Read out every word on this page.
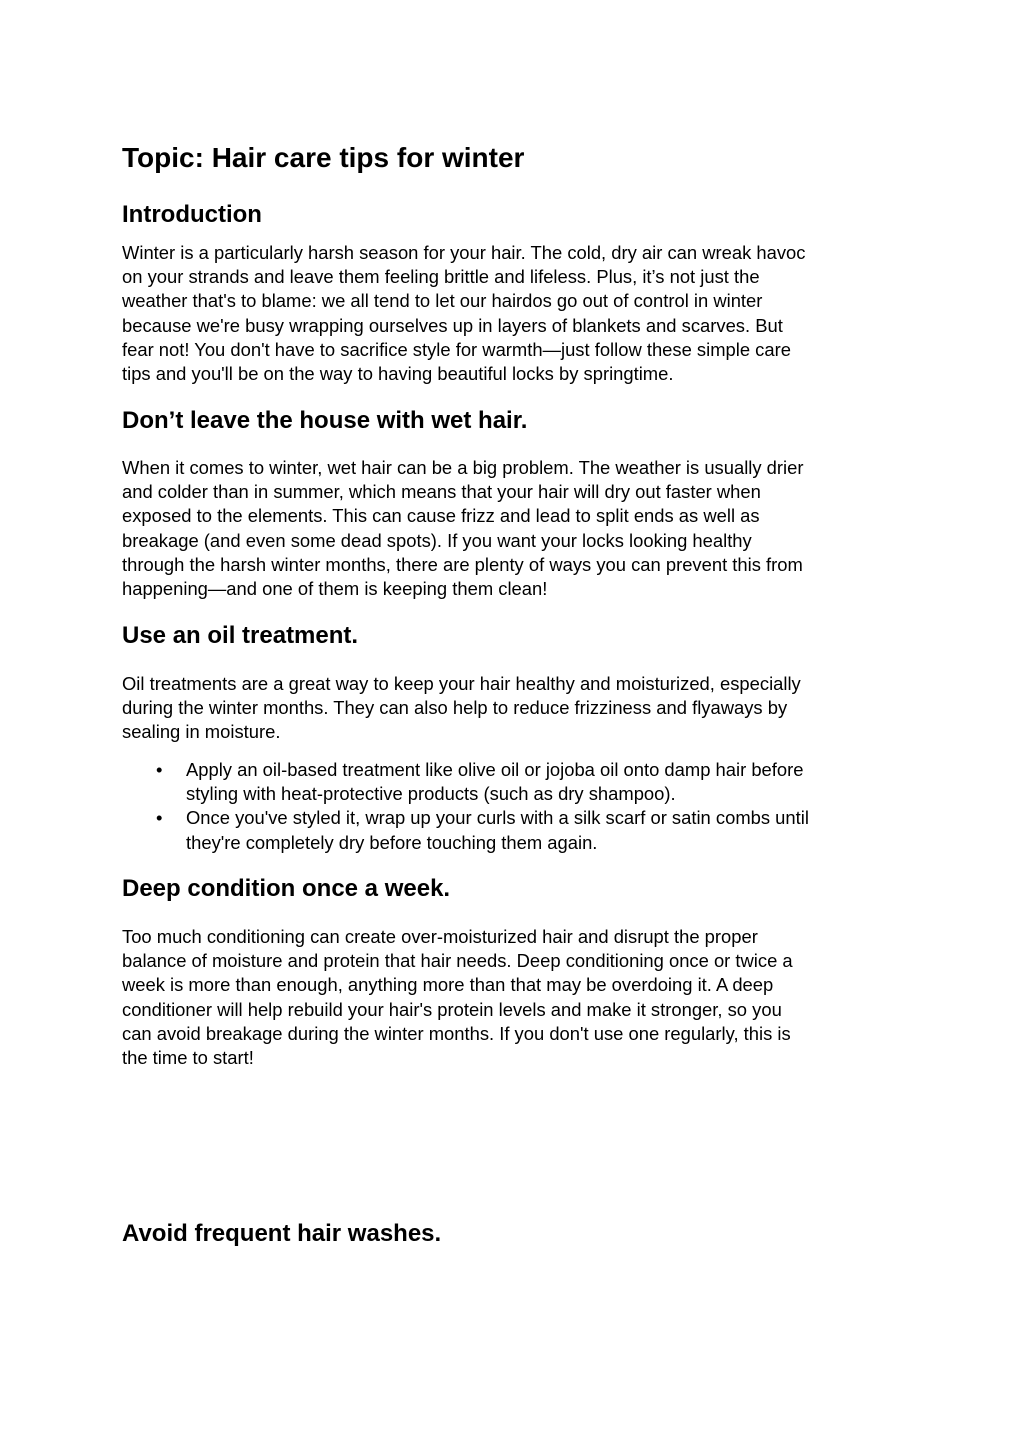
Topic: Hair care tips for winter
Introduction

Winter is a particularly harsh season for your hair. The cold, dry air can wreak havoc
on your strands and leave them feeling brittle and lifeless. Plus, it’s not just the
weather that's to blame: we all tend to let our hairdos go out of control in winter
because we're busy wrapping ourselves up in layers of blankets and scarves. But
fear not! You don't have to sacrifice style for warmth—just follow these simple care
tips and you'll be on the way to having beautiful locks by springtime.

Don’t leave the house with wet hair.

When it comes to winter, wet hair can be a big problem. The weather is usually drier
and colder than in summer, which means that your hair will dry out faster when
exposed to the elements. This can cause frizz and lead to split ends as well as
breakage (and even some dead spots). If you want your locks looking healthy
through the harsh winter months, there are plenty of ways you can prevent this from
happening—and one of them is keeping them clean!

Use an oil treatment.

Oil treatments are a great way to keep your hair healthy and moisturized, especially
during the winter months. They can also help to reduce frizziness and flyaways by
sealing in moisture.

• Apply an oil-based treatment like olive oil or jojoba oil onto damp hair before
styling with heat-protective products (such as dry shampoo).
• Once you've styled it, wrap up your curls with a silk scarf or satin combs until
they're completely dry before touching them again.
Deep condition once a week.

Too much conditioning can create over-moisturized hair and disrupt the proper
balance of moisture and protein that hair needs. Deep conditioning once or twice a
week is more than enough, anything more than that may be overdoing it. A deep
conditioner will help rebuild your hair's protein levels and make it stronger, so you
can avoid breakage during the winter months. If you don't use one regularly, this is
the time to start!

Avoid frequent hair washes.
